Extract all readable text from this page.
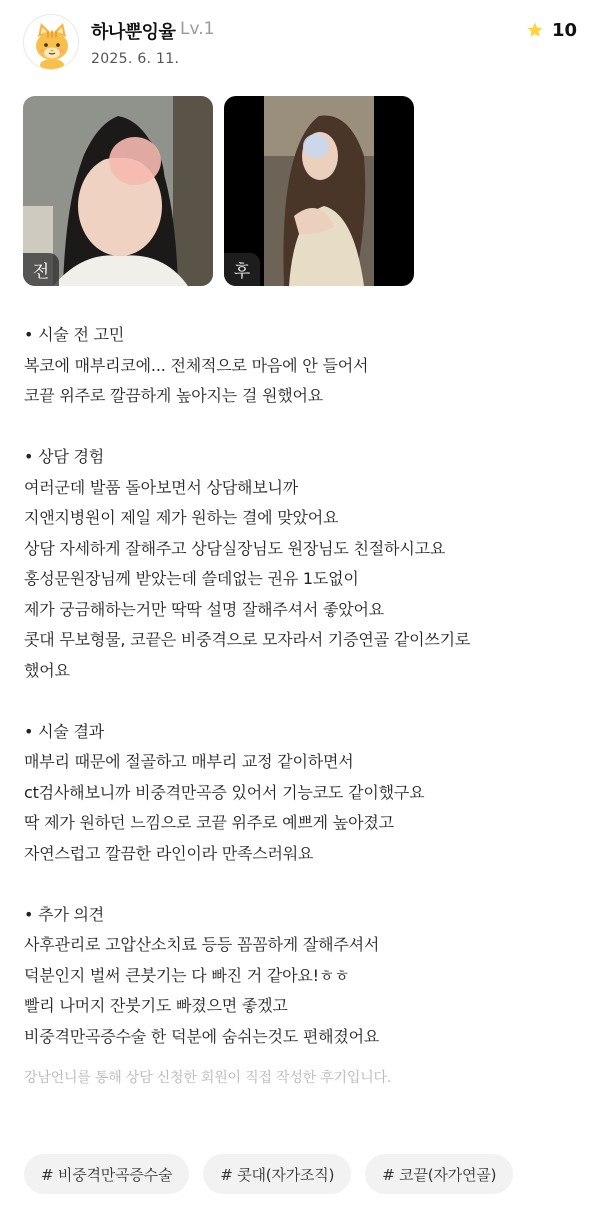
하나뿐잉율 Lv.1
2025. 6. 11.
10
전	후
• 시술 전 고민
복코에 매부리코에... 전체적으로 마음에 안 들어서
코끝 위주로 깔끔하게 높아지는 걸 원했어요
• 상담 경험
여러군데 발품 돌아보면서 상담해보니까
지앤지병원이 제일 제가 원하는 결에 맞았어요
상담 자세하게 잘해주고 상담실장님도 원장님도 친절하시고요
홍성문원장님께 받았는데 쓸데없는 권유 1도없이
제가 궁금해하는거만 딱딱 설명 잘해주셔서 좋았어요
콧대 무보형물, 코끝은 비중격으로 모자라서 기증연골 같이쓰기로
했어요
• 시술 결과
매부리 때문에 절골하고 매부리 교정 같이하면서
ct검사해보니까 비중격만곡증 있어서 기능코도 같이했구요
딱 제가 원하던 느낌으로 코끝 위주로 예쁘게 높아졌고
자연스럽고 깔끔한 라인이라 만족스러워요
• 추가 의견
사후관리로 고압산소치료 등등 꼼꼼하게 잘해주셔서
덕분인지 벌써 큰붓기는 다 빠진 거 같아요!ㅎㅎ
빨리 나머지 잔붓기도 빠졌으면 좋겠고
비중격만곡증수술 한 덕분에 숨쉬는것도 편해졌어요
강남언니를 통해 상담 신청한 회원이 직접 작성한 후기입니다.
# 비중격만곡증수술	# 콧대(자가조직)	# 코끝(자가연골)
